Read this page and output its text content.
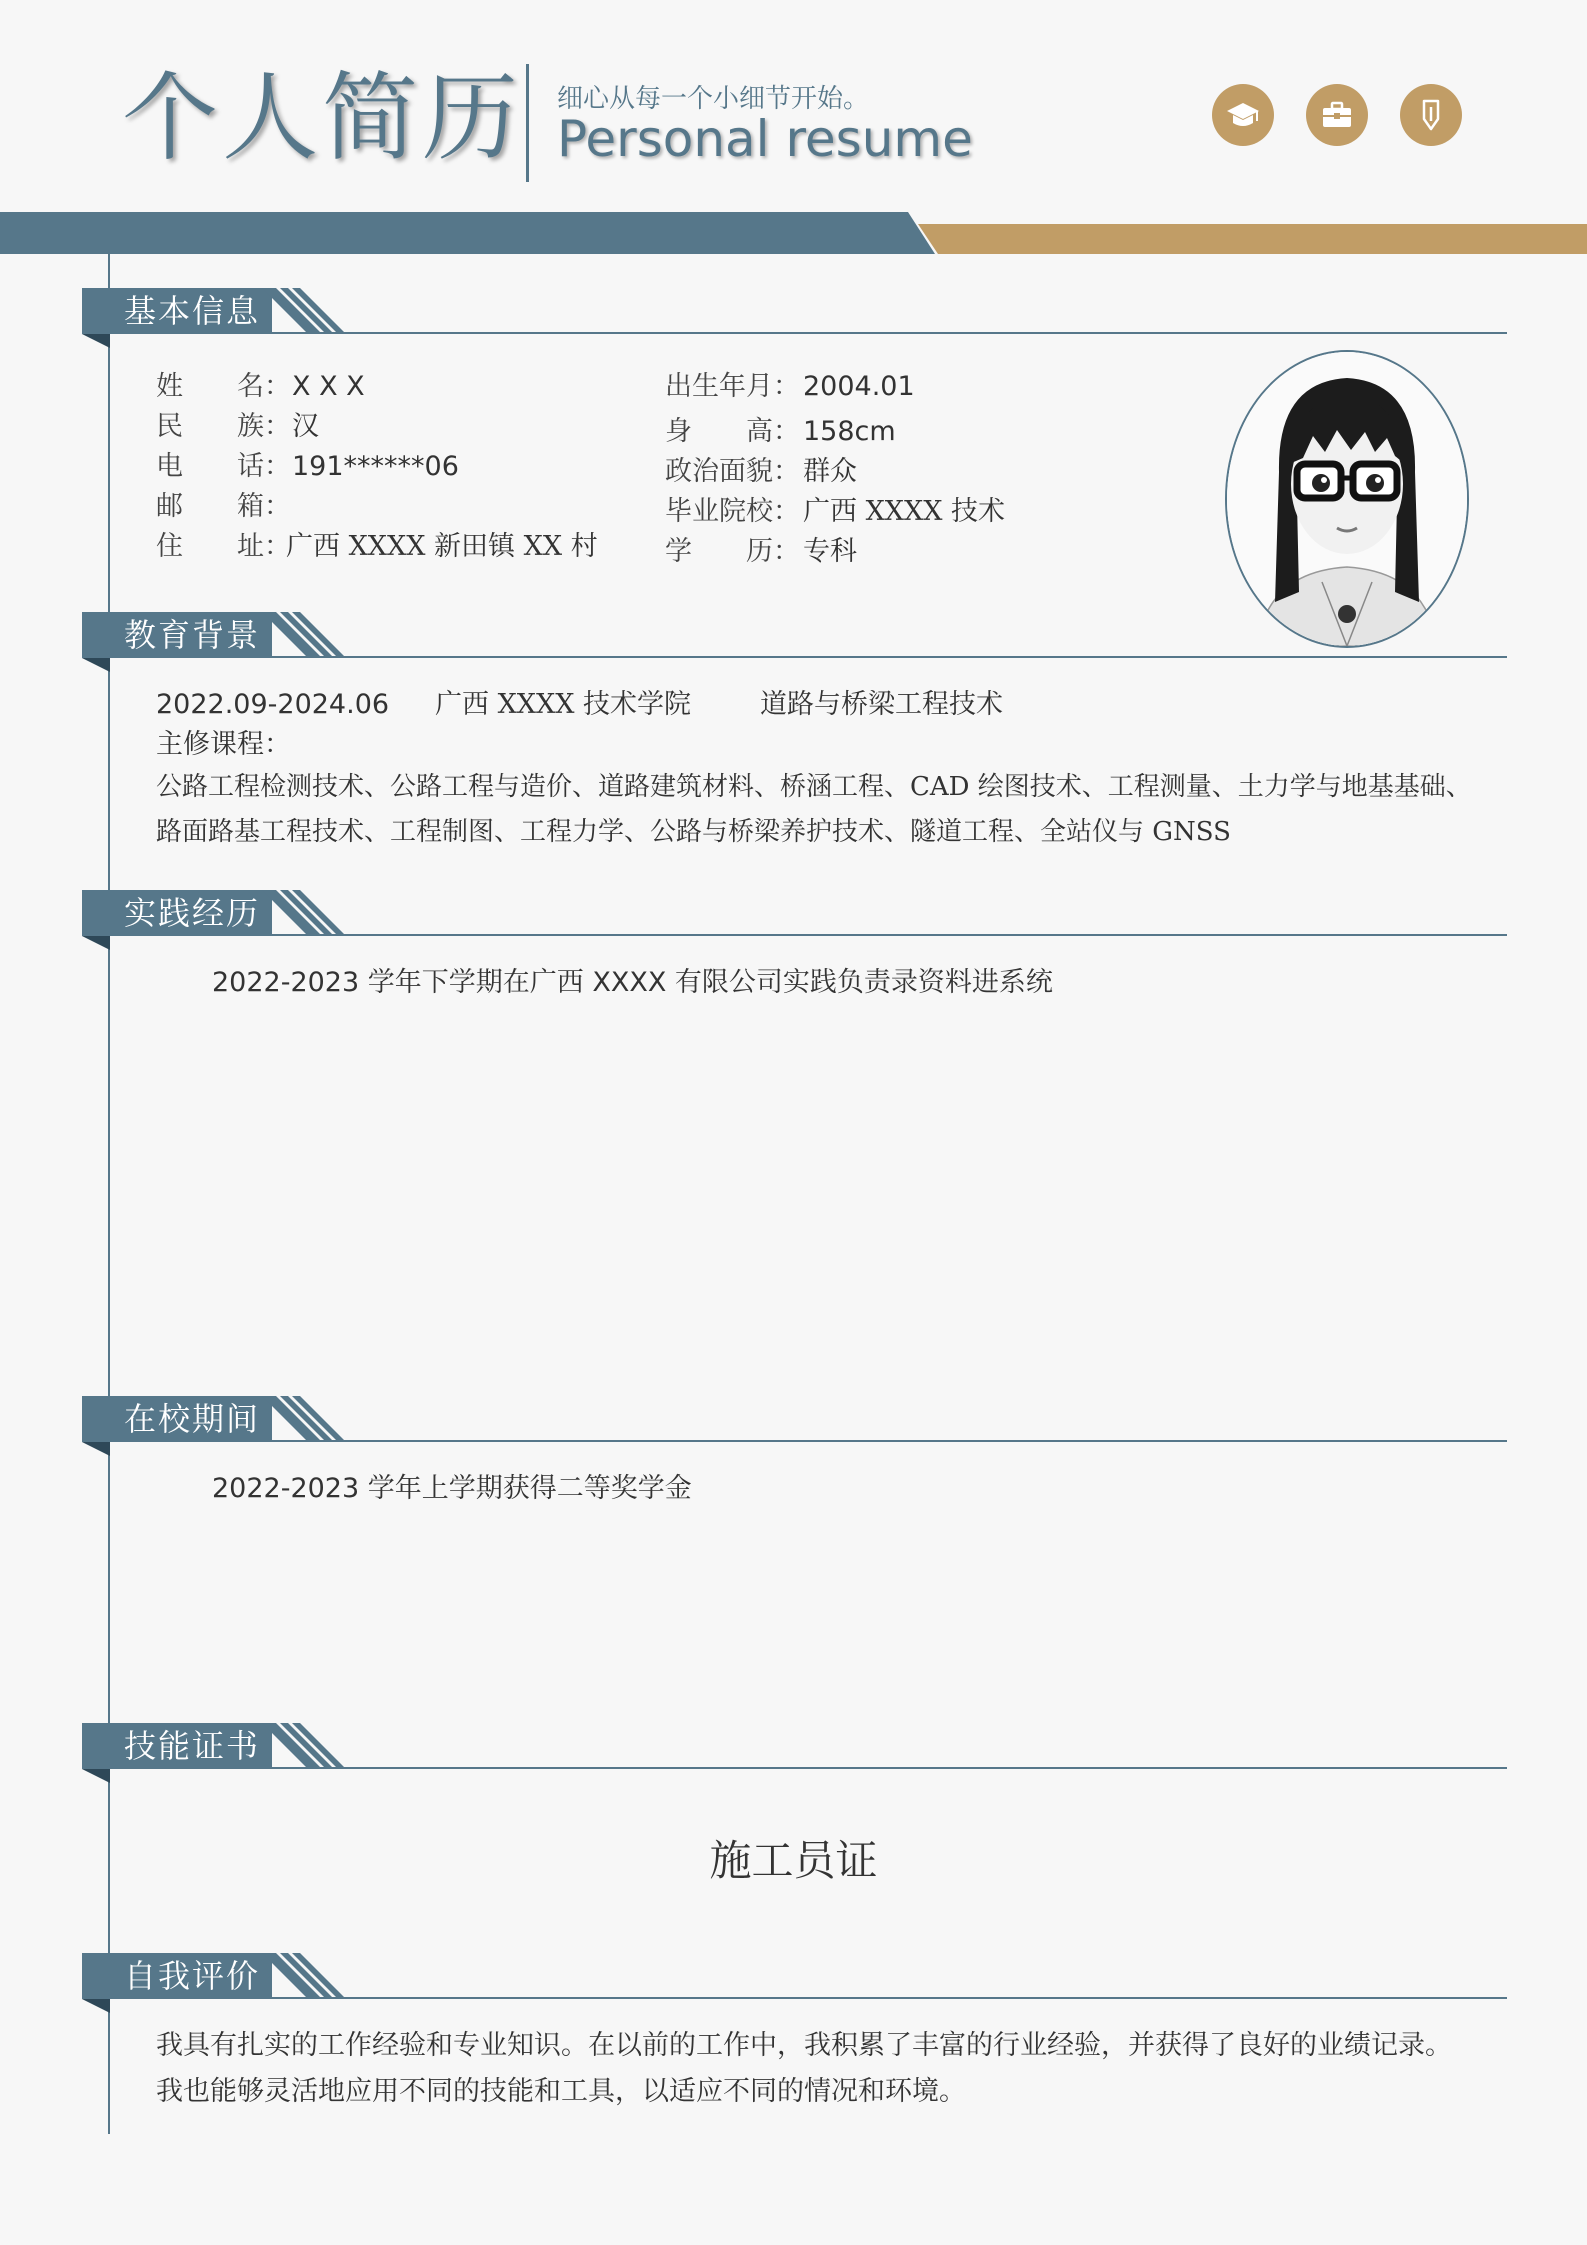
个人简历 细心从每一个小细节开始。
Personal resume
基本信息
姓　　名：X X X
民　　族：汉
电　　话：191******06
邮　　箱：
住　　址：广西 XXXX 新田镇 XX 村
出生年月： 2004.01
身　　高： 158cm
政治面貌： 群众
毕业院校： 广西 XXXX 技术
学　　历： 专科
教育背景
2022.09-2024.06 广西 XXXX 技术学院	道路与桥梁工程技术
主修课程：
公路工程检测技术、公路工程与造价、道路建筑材料、桥涵工程、CAD 绘图技术、工程测量、土力学与地基基础、
路面路基工程技术、工程制图、工程力学、公路与桥梁养护技术、隧道工程、全站仪与 GNSS
实践经历
2022-2023 学年下学期在广西 XXXX 有限公司实践负责录资料进系统
在校期间
2022-2023 学年上学期获得二等奖学金
技能证书
施工员证
自我评价
我具有扎实的工作经验和专业知识。在以前的工作中，我积累了丰富的行业经验，并获得了良好的业绩记录。我也能够灵活地应用不同的技能和工具，以适应不同的情况和环境。
